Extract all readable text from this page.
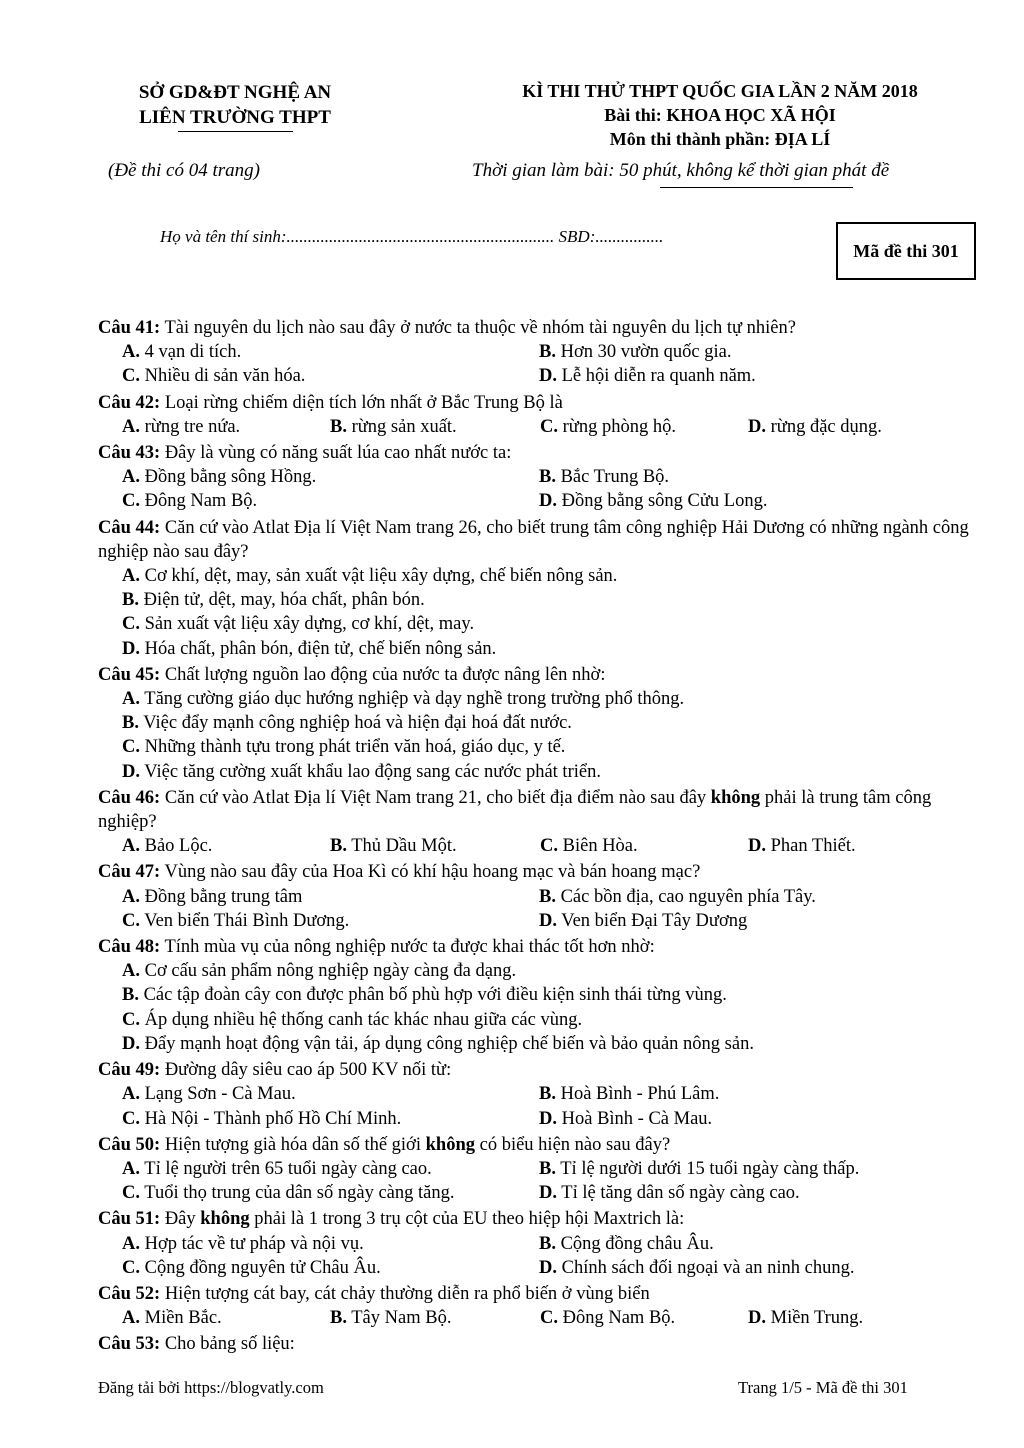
SỞ GD&ĐT NGHỆ AN
LIÊN TRƯỜNG THPT
(Đề thi có 04 trang)
KÌ THI THỬ THPT QUỐC GIA LẦN 2 NĂM 2018
Bài thi: KHOA HỌC XÃ HỘI
Môn thi thành phần: ĐỊA LÍ
Thời gian làm bài: 50 phút, không kể thời gian phát đề
Họ và tên thí sinh:............................................................... SBD:................
Mã đề thi 301

Câu 41: Tài nguyên du lịch nào sau đây ở nước ta thuộc về nhóm tài nguyên du lịch tự nhiên?

A. 4 vạn di tích.	B. Hơn 30 vườn quốc gia.
C. Nhiều di sản văn hóa.	D. Lễ hội diễn ra quanh năm.

Câu 42: Loại rừng chiếm diện tích lớn nhất ở Bắc Trung Bộ là

A. rừng tre nứa.	B. rừng sản xuất.	C. rừng phòng hộ.	D. rừng đặc dụng.

Câu 43: Đây là vùng có năng suất lúa cao nhất nước ta:

A. Đồng bằng sông Hồng.	B. Bắc Trung Bộ.
C. Đông Nam Bộ.	D. Đồng bằng sông Cửu Long.

Câu 44: Căn cứ vào Atlat Địa lí Việt Nam trang 26, cho biết trung tâm công nghiệp Hải Dương có những ngành công nghiệp nào sau đây?

A. Cơ khí, dệt, may, sản xuất vật liệu xây dựng, chế biến nông sản.
B. Điện tử, dệt, may, hóa chất, phân bón.
C. Sản xuất vật liệu xây dựng, cơ khí, dệt, may.
D. Hóa chất, phân bón, điện tử, chế biến nông sản.

Câu 45: Chất lượng nguồn lao động của nước ta được nâng lên nhờ:

A. Tăng cường giáo dục hướng nghiệp và dạy nghề trong trường phổ thông.
B. Việc đẩy mạnh công nghiệp hoá và hiện đại hoá đất nước.
C. Những thành tựu trong phát triển văn hoá, giáo dục, y tế.
D. Việc tăng cường xuất khẩu lao động sang các nước phát triển.

Câu 46: Căn cứ vào Atlat Địa lí Việt Nam trang 21, cho biết địa điểm nào sau đây không phải là trung tâm công nghiệp?

A. Bảo Lộc.	B. Thủ Dầu Một.	C. Biên Hòa.	D. Phan Thiết.

Câu 47: Vùng nào sau đây của Hoa Kì có khí hậu hoang mạc và bán hoang mạc?

A. Đồng bằng trung tâm	B. Các bồn địa, cao nguyên phía Tây.
C. Ven biển Thái Bình Dương.	D. Ven biển Đại Tây Dương

Câu 48: Tính mùa vụ của nông nghiệp nước ta được khai thác tốt hơn nhờ:

A. Cơ cấu sản phẩm nông nghiệp ngày càng đa dạng.
B. Các tập đoàn cây con được phân bố phù hợp với điều kiện sinh thái từng vùng.
C. Áp dụng nhiều hệ thống canh tác khác nhau giữa các vùng.
D. Đẩy mạnh hoạt động vận tải, áp dụng công nghiệp chế biến và bảo quản nông sản.

Câu 49: Đường dây siêu cao áp 500 KV nối từ:

A. Lạng Sơn - Cà Mau.	B. Hoà Bình - Phú Lâm.
C. Hà Nội - Thành phố Hồ Chí Minh.	D. Hoà Bình - Cà Mau.

Câu 50: Hiện tượng già hóa dân số thế giới không có biểu hiện nào sau đây?

A. Tỉ lệ người trên 65 tuổi ngày càng cao.	B. Tỉ lệ người dưới 15 tuổi ngày càng thấp.
C. Tuổi thọ trung của dân số ngày càng tăng.	D. Tỉ lệ tăng dân số ngày càng cao.

Câu 51: Đây không phải là 1 trong 3 trụ cột của EU theo hiệp hội Maxtrich là:

A. Hợp tác về tư pháp và nội vụ.	B. Cộng đồng châu Âu.
C. Cộng đồng nguyên tử Châu Âu.	D. Chính sách đối ngoại và an ninh chung.

Câu 52: Hiện tượng cát bay, cát chảy thường diễn ra phổ biến ở vùng biển

A. Miền Bắc.	B. Tây Nam Bộ.	C. Đông Nam Bộ.	D. Miền Trung.

Câu 53: Cho bảng số liệu:

Đăng tải bởi https://blogvatly.com	Trang 1/5 - Mã đề thi 301
